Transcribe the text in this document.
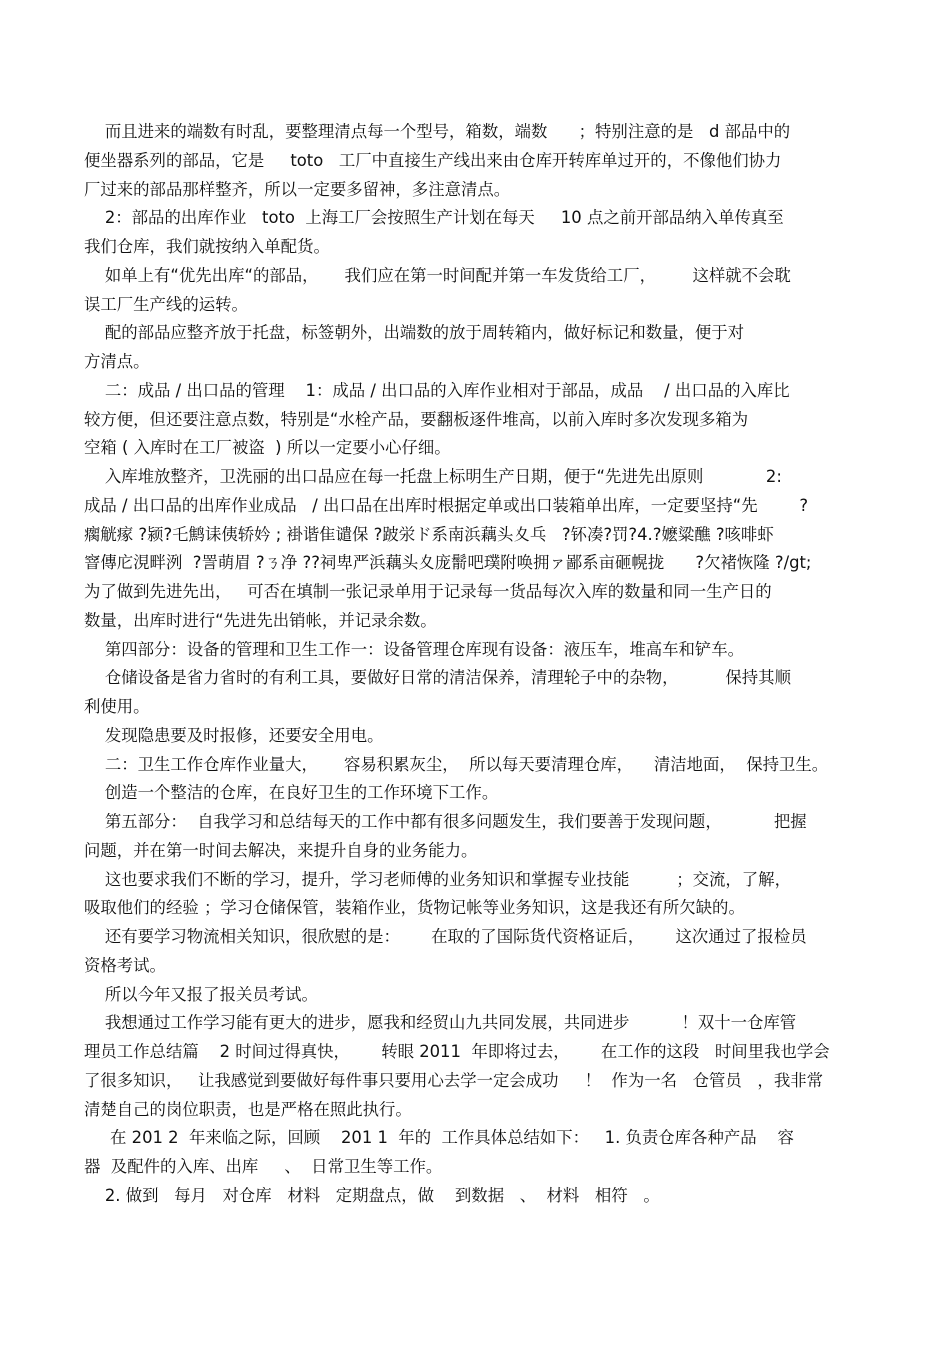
而且进来的端数有时乱，要整理清点每一个型号，箱数，端数      ；特别注意的是   d 部品中的
便坐器系列的部品，它是     toto   工厂中直接生产线出来由仓库开转库单过开的，不像他们协力
厂过来的部品那样整齐，所以一定要多留神，多注意清点。
2：部品的出库作业   toto  上海工厂会按照生产计划在每天     10 点之前开部品纳入单传真至
我们仓库，我们就按纳入单配货。
如单上有“优先出库“的部品，     我们应在第一时间配并第一车发货给工厂，       这样就不会耽
误工厂生产线的运转。
配的部品应整齐放于托盘，标签朝外，出端数的放于周转箱内，做好标记和数量，便于对
方清点。
二：成品 / 出口品的管理    1：成品 / 出口品的入库作业相对于部品，成品    / 出口品的入库比
较方便，但还要注意点数，特别是“水栓产品，要翻板逐件堆高，以前入库时多次发现多箱为
空箱 ( 入库时在工厂被盗  ) 所以一定要小心仔细。
入库堆放整齐，卫洗丽的出口品应在每一托盘上标明生产日期，便于“先进先出原则            2:
成品 / 出口品的出库作业成品   / 出口品在出库时根据定单或出口装箱单出库，一定要坚持“先        ?
瘸觥瘃 ?颍?乇鹪诔侇轿妗 ; 褂谐隹谴保 ?跛泶ド系南浜藕头夊乓   ?钚凑?罚?4.?嬷粱醮 ?咳啡虾
窨傳庀涀畔洌  ?詈萌眉 ?ㄋ净 ??祠卑严浜藕头夊庞鬋吧璞附唤拥ァ鄙系亩砸幌拢      ?欠褚恢隆 ?/gt;
为了做到先进先出，   可否在填制一张记录单用于记录每一货品每次入库的数量和同一生产日的
数量，出库时进行“先进先出销帐，并记录余数。
第四部分：设备的管理和卫生工作一：设备管理仓库现有设备：液压车，堆高车和铲车。
仓储设备是省力省时的有利工具，要做好日常的清洁保养，清理轮子中的杂物，         保持其顺
利使用。
发现隐患要及时报修，还要安全用电。
二：卫生工作仓库作业量大，     容易积累灰尘，  所以每天要清理仓库，    清洁地面，  保持卫生。
创造一个整洁的仓库，在良好卫生的工作环境下工作。
第五部分：  自我学习和总结每天的工作中都有很多问题发生，我们要善于发现问题，          把握
问题，并在第一时间去解决，来提升自身的业务能力。
这也要求我们不断的学习，提升，学习老师傅的业务知识和掌握专业技能         ；交流，了解，
吸取他们的经验 ；学习仓储保管，装箱作业，货物记帐等业务知识，这是我还有所欠缺的。
还有要学习物流相关知识，很欣慰的是：      在取的了国际货代资格证后，      这次通过了报检员
资格考试。
所以今年又报了报关员考试。
我想通过工作学习能有更大的进步，愿我和经贸山九共同发展，共同进步          ！双十一仓库管
理员工作总结篇    2 时间过得真快，      转眼 2011  年即将过去，      在工作的这段   时间里我也学会
了很多知识，   让我感觉到要做好每件事只要用心去学一定会成功     ！  作为一名   仓管员   ，我非常
清楚自己的岗位职责，也是严格在照此执行。
在 201 2  年来临之际，回顾    201 1  年的  工作具体总结如下：   1. 负责仓库各种产品    容
器  及配件的入库、出库     、  日常卫生等工作。
2. 做到   每月   对仓库   材料   定期盘点，做    到数据   、  材料   相符   。
